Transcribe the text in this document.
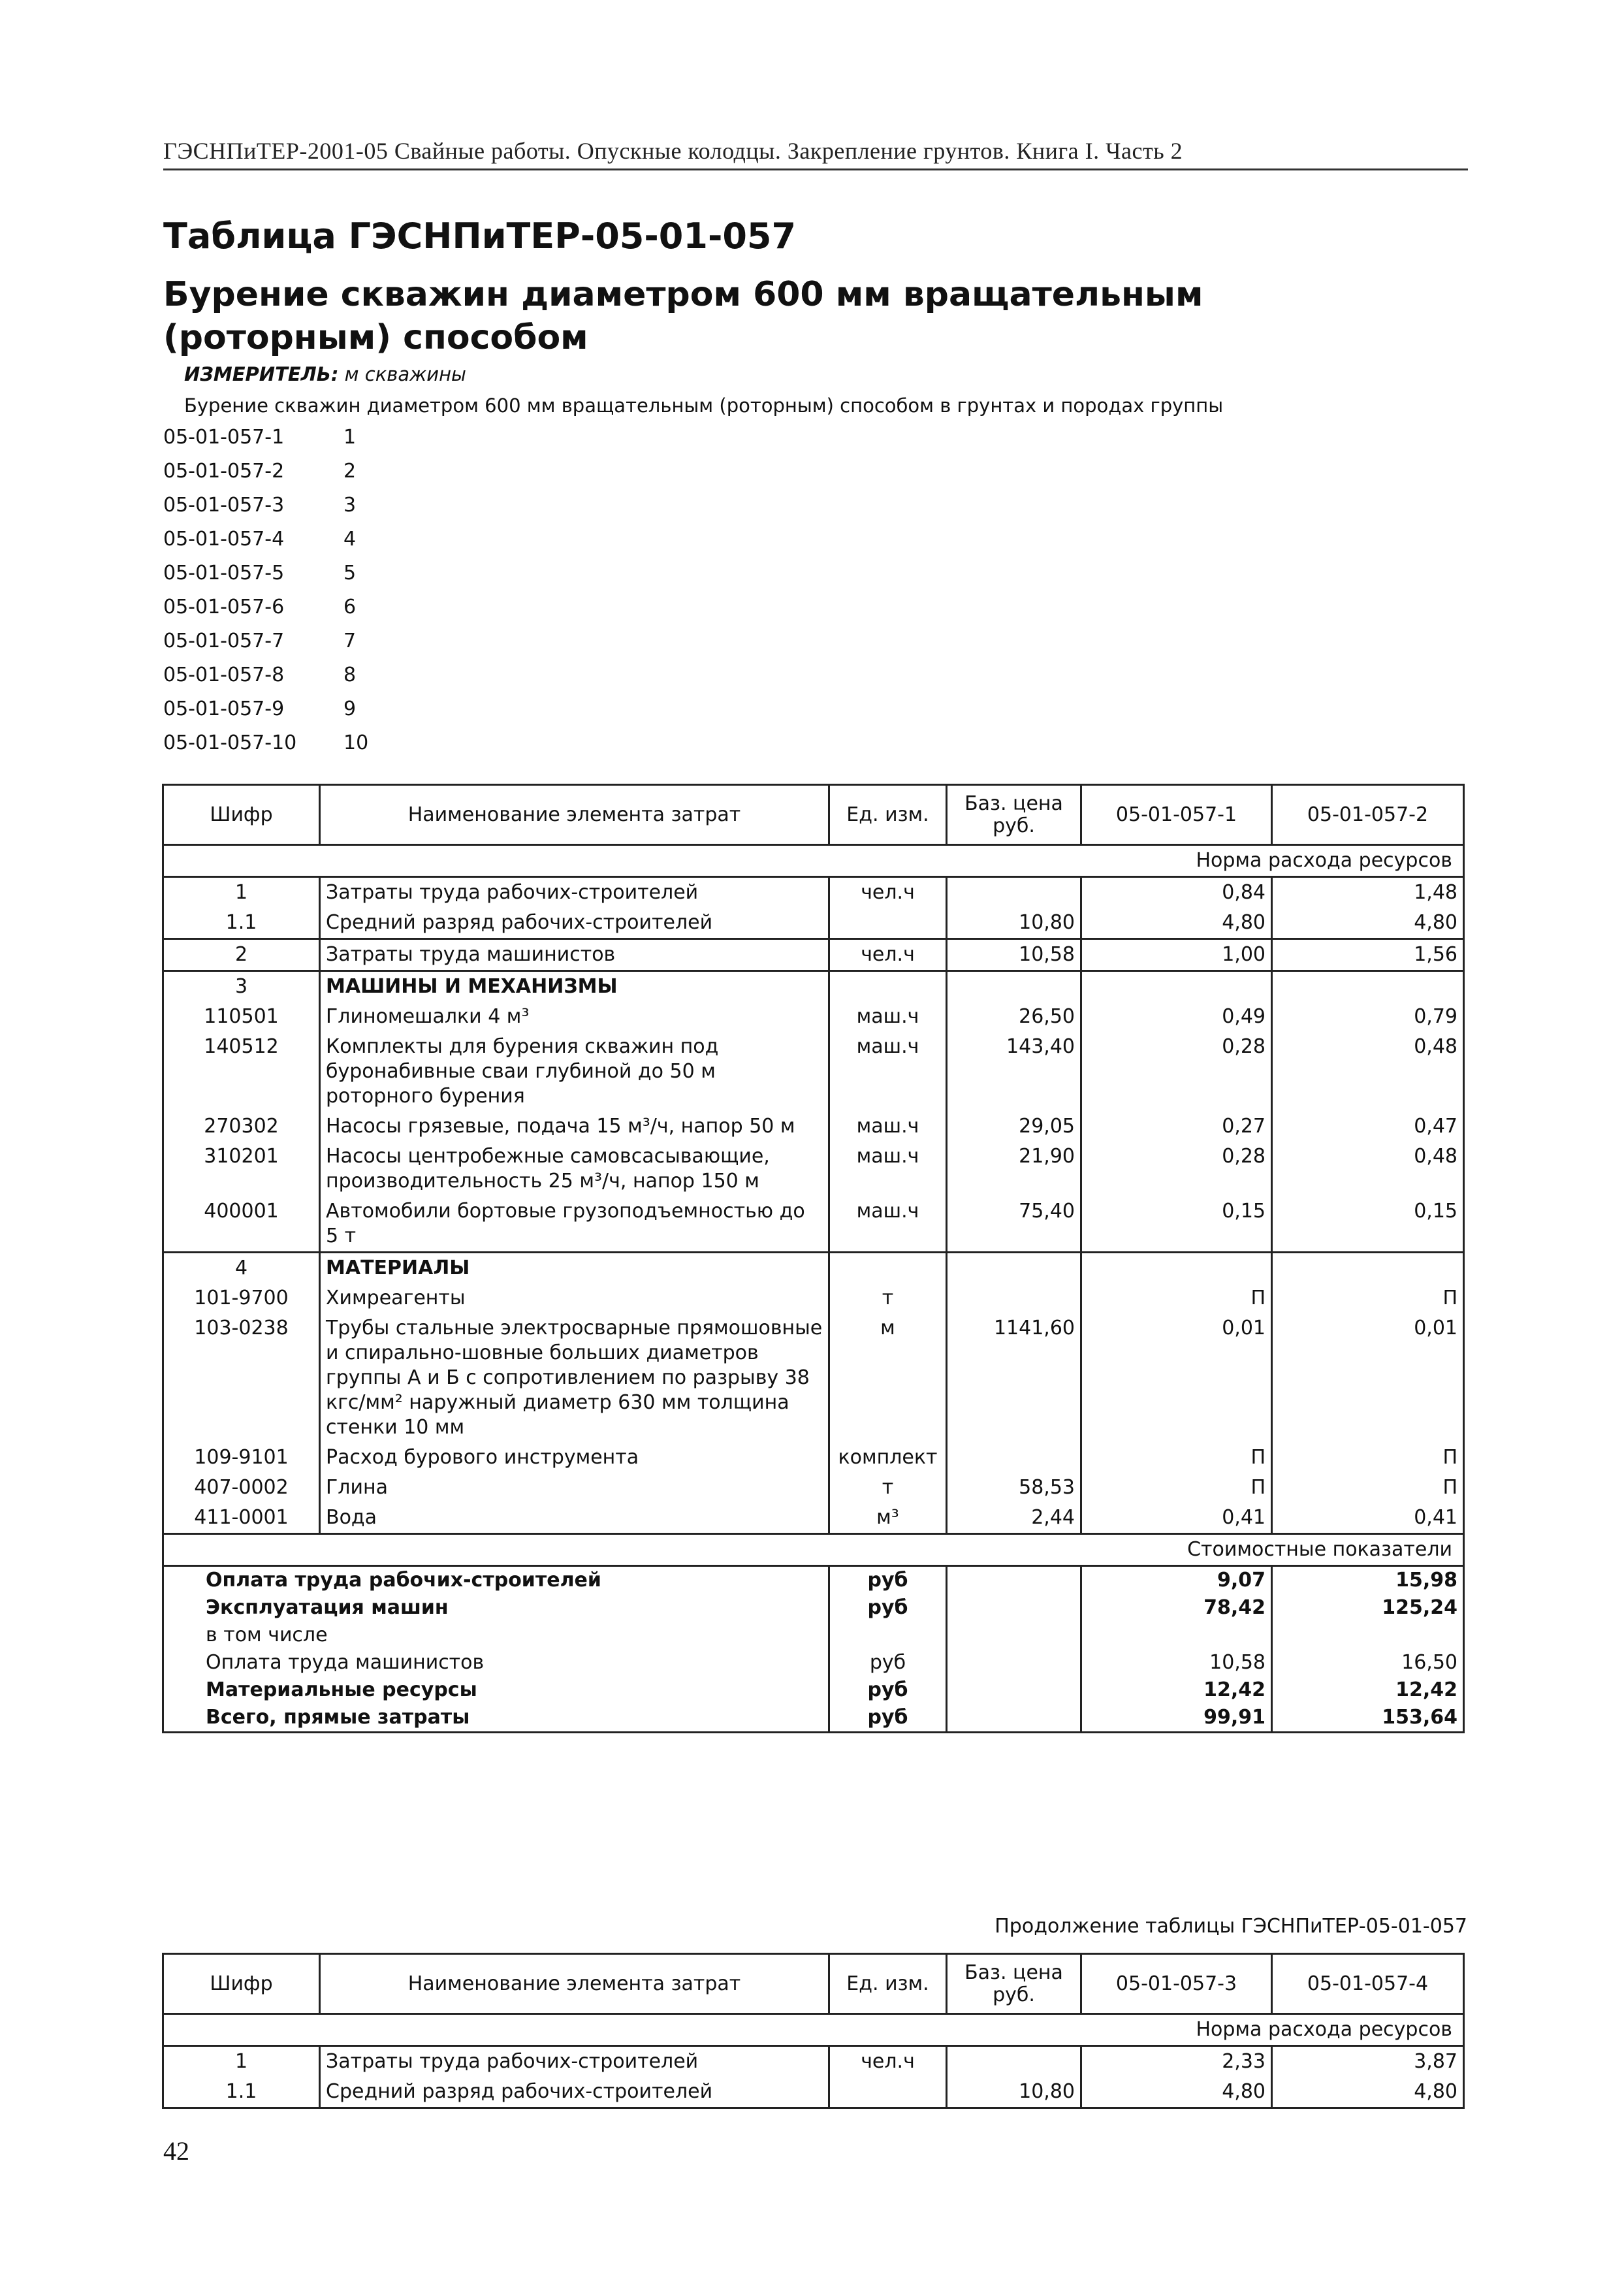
ГЭСНПиТЕР-2001-05 Свайные работы. Опускные колодцы. Закрепление грунтов. Книга I. Часть 2
Таблица ГЭСНПиТЕР-05-01-057
Бурение скважин диаметром 600 мм вращательным (роторным) способом
ИЗМЕРИТЕЛЬ: м скважины
Бурение скважин диаметром 600 мм вращательным (роторным) способом в грунтах и породах группы
05-01-057-1	1
05-01-057-2	2
05-01-057-3	3
05-01-057-4	4
05-01-057-5	5
05-01-057-6	6
05-01-057-7	7
05-01-057-8	8
05-01-057-9	9
05-01-057-10	10
Шифр	Наименование элемента затрат	Ед. изм.	Баз. цена руб.	05-01-057-1	05-01-057-2
Норма расхода ресурсов					
1	Затраты труда рабочих-строителей	чел.ч		0,84	1,48
1.1	Средний разряд рабочих-строителей		10,80	4,80	4,80
2	Затраты труда машинистов	чел.ч	10,58	1,00	1,56
3	МАШИНЫ И МЕХАНИЗМЫ				
110501	Глиномешалки 4 м³	маш.ч	26,50	0,49	0,79
140512	Комплекты для бурения скважин под буронабивные сваи глубиной до 50 м роторного бурения	маш.ч	143,40	0,28	0,48
270302	Насосы грязевые, подача 15 м³/ч, напор 50 м	маш.ч	29,05	0,27	0,47
310201	Насосы центробежные самовсасывающие, производительность 25 м³/ч, напор 150 м	маш.ч	21,90	0,28	0,48
400001	Автомобили бортовые грузоподъемностью до 5 т	маш.ч	75,40	0,15	0,15
4	МАТЕРИАЛЫ				
101-9700	Химреагенты	т		П	П
103-0238	Трубы стальные электросварные прямошовные и спирально-шовные больших диаметров группы А и Б с сопротивлением по разрыву 38 кгс/мм² наружный диаметр 630 мм толщина стенки 10 мм	м	1141,60	0,01	0,01
109-9101	Расход бурового инструмента	комплект		П	П
407-0002	Глина	т	58,53	П	П
411-0001	Вода	м³	2,44	0,41	0,41
Стоимостные показатели					
Оплата труда рабочих-строителей		руб		9,07	15,98
Эксплуатация машин		руб		78,42	125,24
в том числе					
Оплата труда машинистов		руб		10,58	16,50
Материальные ресурсы		руб		12,42	12,42
Всего, прямые затраты		руб		99,91	153,64
Продолжение таблицы ГЭСНПиТЕР-05-01-057
Шифр	Наименование элемента затрат	Ед. изм.	Баз. цена руб.	05-01-057-3	05-01-057-4
Норма расхода ресурсов					
1	Затраты труда рабочих-строителей	чел.ч		2,33	3,87
1.1	Средний разряд рабочих-строителей		10,80	4,80	4,80
42
